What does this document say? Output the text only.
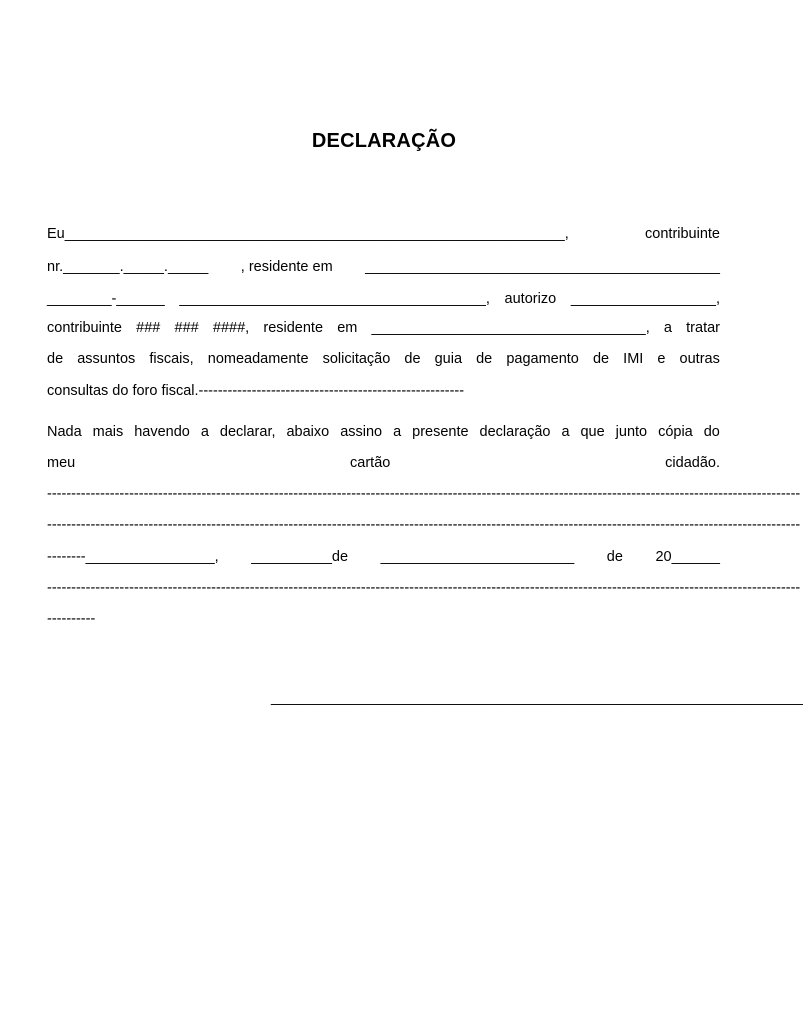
DECLARAÇÃO
Eu______________________________________________________________,	contribuinte
nr._______._____._____ , residente em ____________________________________________
________-______ ______________________________________, autorizo __________________,
contribuinte ### ### ####, residente em __________________________________, a tratar
de assuntos fiscais, nomeadamente solicitação de guia de pagamento de IMI e outras
consultas do foro fiscal.-------------------------------------------------------
Nada mais havendo a declarar, abaixo assino a presente declaração a que junto cópia do
meu	cartão	cidadão.
------------------------------------------------------------------------------------------------------------------------------------------------------------
------------------------------------------------------------------------------------------------------------------------------------------------------------
--------________________, __________de ________________________ de 20______
------------------------------------------------------------------------------------------------------------------------------------------------------------
----------
__________________________________________________________________
